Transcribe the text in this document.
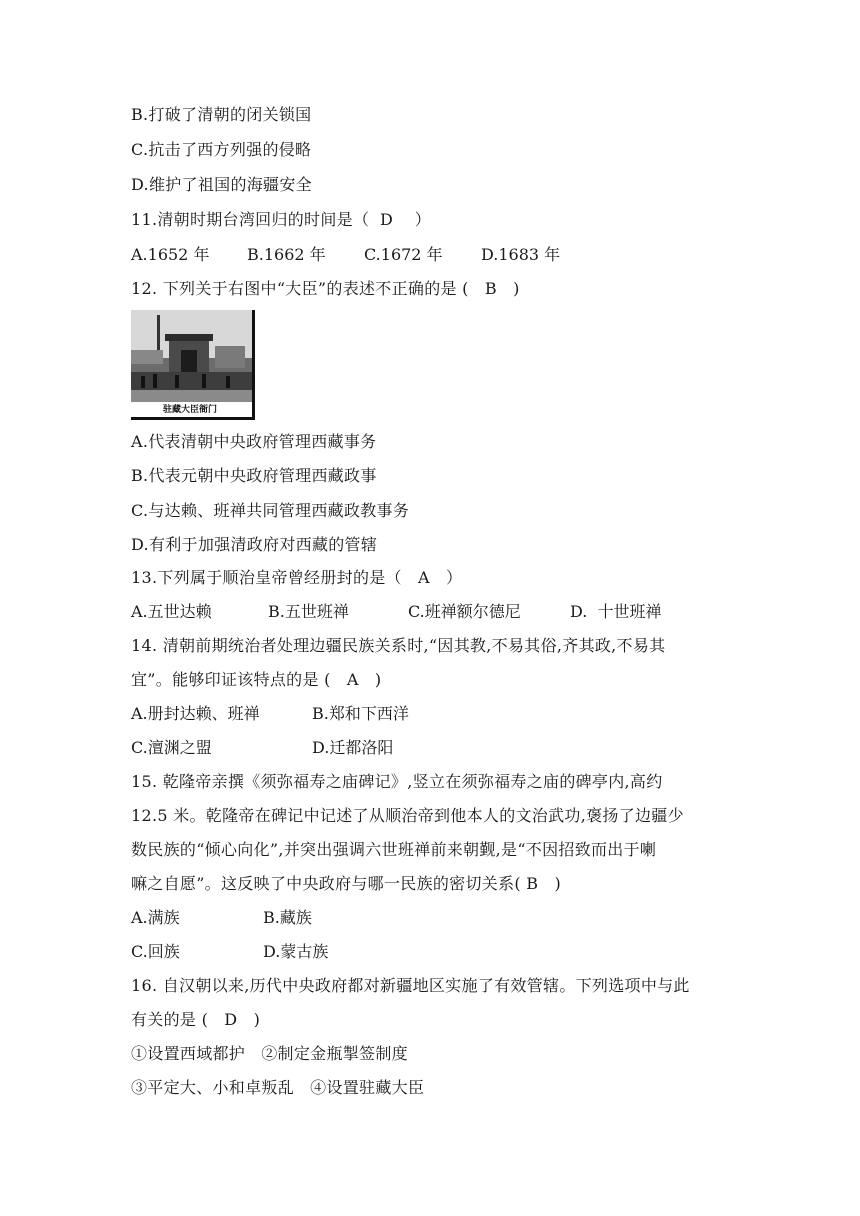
B.打破了清朝的闭关锁国
C.抗击了西方列强的侵略
D.维护了祖国的海疆安全
11.清朝时期台湾回归的时间是（  D    ）
A.1652 年 B.1662 年 C.1672 年 D.1683 年
12. 下列关于右图中“大臣”的表述不正确的是 (   B   )
驻藏大臣衙门
A.代表清朝中央政府管理西藏事务
B.代表元朝中央政府管理西藏政事
C.与达赖、班禅共同管理西藏政教事务
D.有利于加强清政府对西藏的管辖
13.下列属于顺治皇帝曾经册封的是（   A   ）
A.五世达赖	B.五世班禅	C.班禅额尔德尼	D.  十世班禅
14. 清朝前期统治者处理边疆民族关系时,“因其教,不易其俗,齐其政,不易其
宜”。能够印证该特点的是 (   A   )
A.册封达赖、班禅	B.郑和下西洋
C.澶渊之盟	D.迁都洛阳
15. 乾隆帝亲撰《须弥福寿之庙碑记》,竖立在须弥福寿之庙的碑亭内,高约
12.5 米。乾隆帝在碑记中记述了从顺治帝到他本人的文治武功,褒扬了边疆少
数民族的“倾心向化”,并突出强调六世班禅前来朝觐,是“不因招致而出于喇
嘛之自愿”。这反映了中央政府与哪一民族的密切关系( B   )
A.满族	B.藏族
C.回族	D.蒙古族
16. 自汉朝以来,历代中央政府都对新疆地区实施了有效管辖。下列选项中与此
有关的是 (   D   )
①设置西域都护   ②制定金瓶掣签制度
③平定大、小和卓叛乱   ④设置驻藏大臣
